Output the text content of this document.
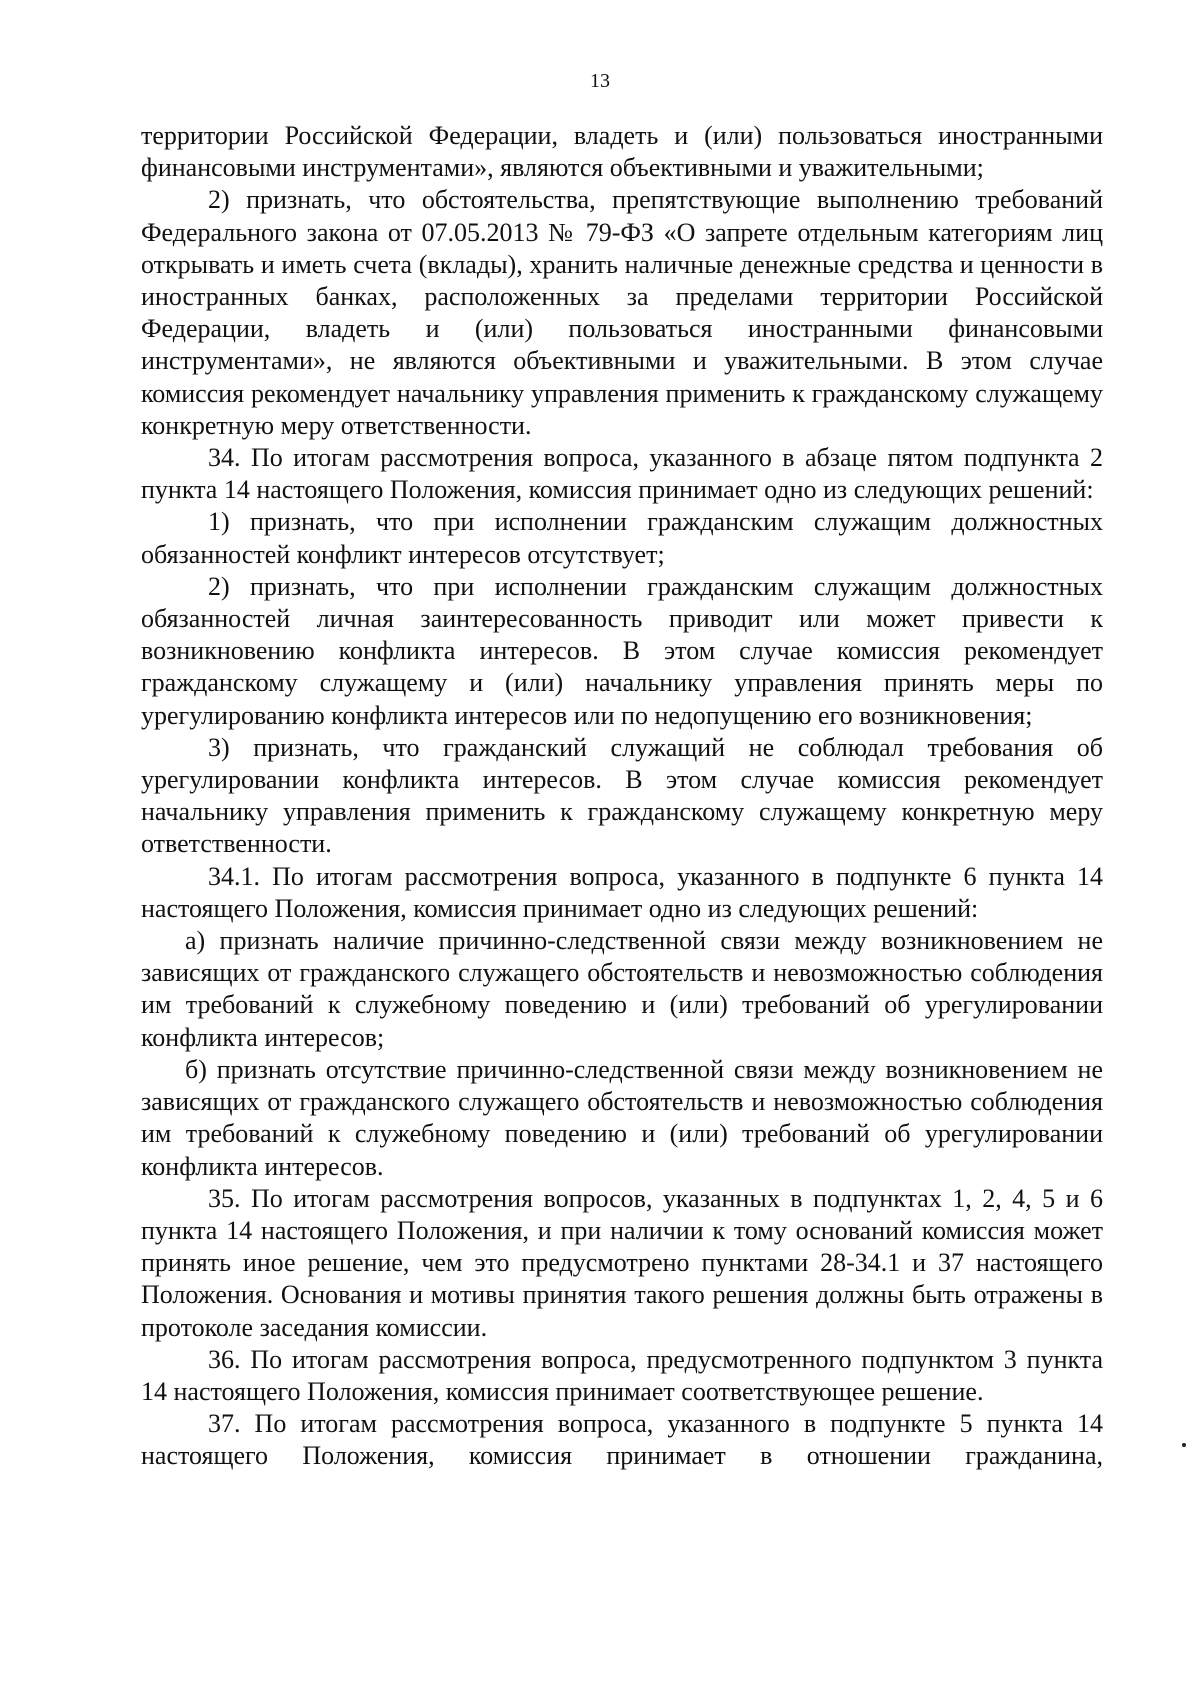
13

территории Российской Федерации, владеть и (или) пользоваться иностранными финансовыми инструментами», являются объективными и уважительными;

2) признать, что обстоятельства, препятствующие выполнению требований Федерального закона от 07.05.2013 № 79-ФЗ «О запрете отдельным категориям лиц открывать и иметь счета (вклады), хранить наличные денежные средства и ценности в иностранных банках, расположенных за пределами территории Российской Федерации, владеть и (или) пользоваться иностранными финансовыми инструментами», не являются объективными и уважительными. В этом случае комиссия рекомендует начальнику управления применить к гражданскому служащему конкретную меру ответственности.

34. По итогам рассмотрения вопроса, указанного в абзаце пятом подпункта 2 пункта 14 настоящего Положения, комиссия принимает одно из следующих решений:

1) признать, что при исполнении гражданским служащим должностных обязанностей конфликт интересов отсутствует;

2) признать, что при исполнении гражданским служащим должностных обязанностей личная заинтересованность приводит или может привести к возникновению конфликта интересов. В этом случае комиссия рекомендует гражданскому служащему и (или) начальнику управления принять меры по урегулированию конфликта интересов или по недопущению его возникновения;

3) признать, что гражданский служащий не соблюдал требования об урегулировании конфликта интересов. В этом случае комиссия рекомендует начальнику управления применить к гражданскому служащему конкретную меру ответственности.

34.1. По итогам рассмотрения вопроса, указанного в подпункте 6 пункта 14 настоящего Положения, комиссия принимает одно из следующих решений:

а) признать наличие причинно-следственной связи между возникновением не зависящих от гражданского служащего обстоятельств и невозможностью соблюдения им требований к служебному поведению и (или) требований об урегулировании конфликта интересов;

б) признать отсутствие причинно-следственной связи между возникновением не зависящих от гражданского служащего обстоятельств и невозможностью соблюдения им требований к служебному поведению и (или) требований об урегулировании конфликта интересов.

35. По итогам рассмотрения вопросов, указанных в подпунктах 1, 2, 4, 5 и 6 пункта 14 настоящего Положения, и при наличии к тому оснований комиссия может принять иное решение, чем это предусмотрено пунктами 28-34.1 и 37 настоящего Положения. Основания и мотивы принятия такого решения должны быть отражены в протоколе заседания комиссии.

36. По итогам рассмотрения вопроса, предусмотренного подпунктом 3 пункта 14 настоящего Положения, комиссия принимает соответствующее решение.

37. По итогам рассмотрения вопроса, указанного в подпункте 5 пункта 14 настоящего Положения, комиссия принимает в отношении гражданина,
